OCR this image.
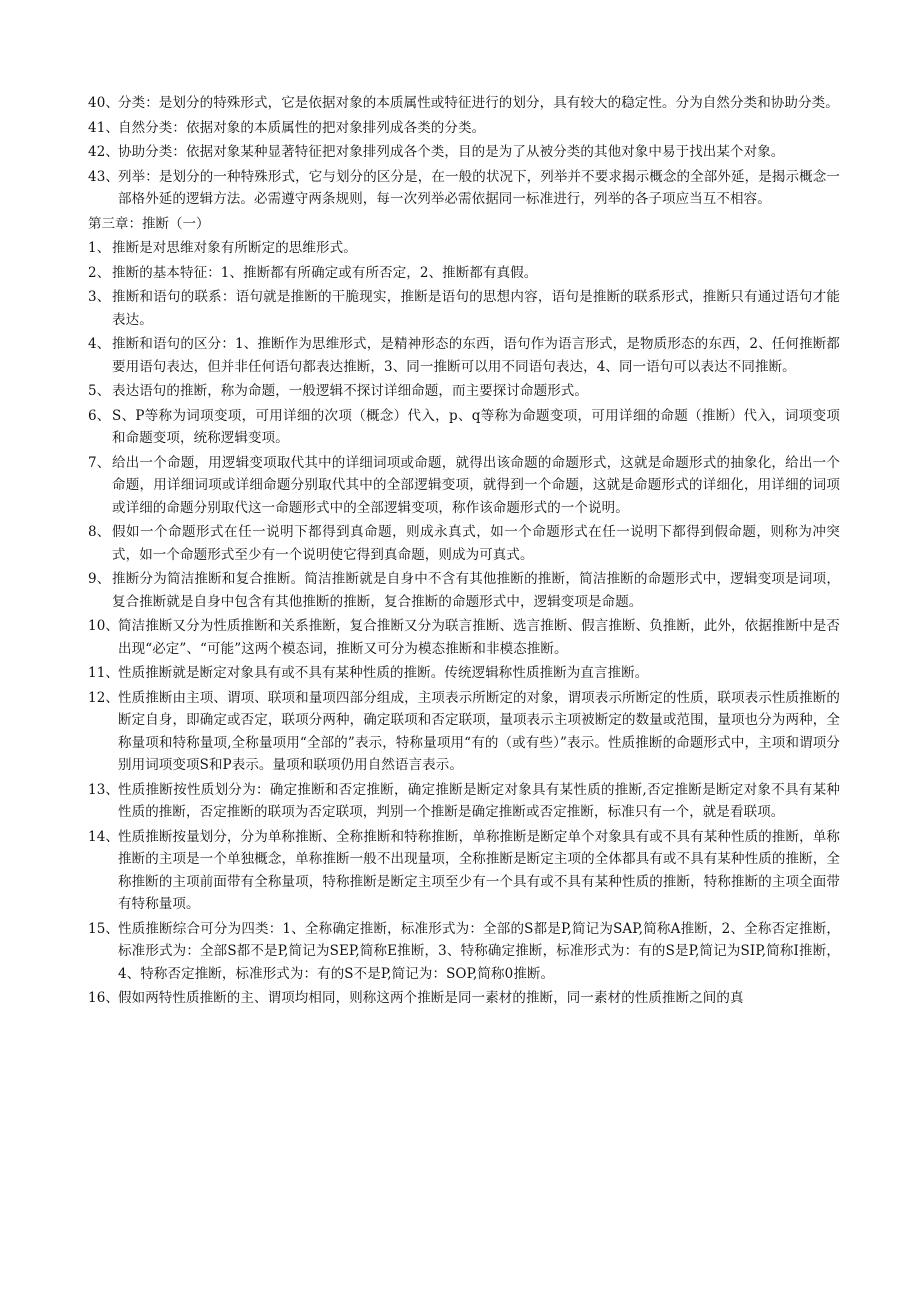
40、 分类：是划分的特殊形式，它是依据对象的本质属性或特征进行的划分，具有较大的稳定性。分为自然分类和协助分类。
41、 自然分类：依据对象的本质属性的把对象排列成各类的分类。
42、 协助分类：依据对象某种显著特征把对象排列成各个类，目的是为了从被分类的其他对象中易于找出某个对象。
43、 列举：是划分的一种特殊形式，它与划分的区分是，在一般的状况下，列举并不要求揭示概念的全部外延，是揭示概念一部格外延的逻辑方法。必需遵守两条规则，每一次列举必需依据同一标准进行，列举的各子项应当互不相容。
第三章：推断（一）
1、 推断是对思维对象有所断定的思维形式。
2、 推断的基本特征：1、推断都有所确定或有所否定，2、推断都有真假。
3、 推断和语句的联系：语句就是推断的干脆现实，推断是语句的思想内容，语句是推断的联系形式，推断只有通过语句才能表达。
4、 推断和语句的区分：1、推断作为思维形式，是精神形态的东西，语句作为语言形式，是物质形态的东西，2、任何推断都要用语句表达，但并非任何语句都表达推断，3、同一推断可以用不同语句表达，4、同一语句可以表达不同推断。
5、 表达语句的推断，称为命题，一般逻辑不探讨详细命题，而主要探讨命题形式。
6、 S、P等称为词项变项，可用详细的次项（概念）代入，p、q等称为命题变项，可用详细的命题（推断）代入，词项变项和命题变项，统称逻辑变项。
7、 给出一个命题，用逻辑变项取代其中的详细词项或命题，就得出该命题的命题形式，这就是命题形式的抽象化，给出一个命题，用详细词项或详细命题分别取代其中的全部逻辑变项，就得到一个命题，这就是命题形式的详细化，用详细的词项或详细的命题分别取代这一命题形式中的全部逻辑变项，称作该命题形式的一个说明。
8、 假如一个命题形式在任一说明下都得到真命题，则成永真式，如一个命题形式在任一说明下都得到假命题，则称为冲突式，如一个命题形式至少有一个说明使它得到真命题，则成为可真式。
9、 推断分为简洁推断和复合推断。简洁推断就是自身中不含有其他推断的推断，简洁推断的命题形式中，逻辑变项是词项，复合推断就是自身中包含有其他推断的推断，复合推断的命题形式中，逻辑变项是命题。
10、 简洁推断又分为性质推断和关系推断，复合推断又分为联言推断、选言推断、假言推断、负推断，此外，依据推断中是否出现“必定”、“可能”这两个模态词，推断又可分为模态推断和非模态推断。
11、 性质推断就是断定对象具有或不具有某种性质的推断。传统逻辑称性质推断为直言推断。
12、 性质推断由主项、谓项、联项和量项四部分组成，主项表示所断定的对象，谓项表示所断定的性质，联项表示性质推断的断定自身，即确定或否定，联项分两种，确定联项和否定联项，量项表示主项被断定的数量或范围，量项也分为两种，全称量项和特称量项,全称量项用“全部的”表示，特称量项用“有的（或有些）”表示。性质推断的命题形式中，主项和谓项分别用词项变项S和P表示。量项和联项仍用自然语言表示。
13、 性质推断按性质划分为：确定推断和否定推断，确定推断是断定对象具有某性质的推断,否定推断是断定对象不具有某种性质的推断，否定推断的联项为否定联项，判别一个推断是确定推断或否定推断，标准只有一个，就是看联项。
14、 性质推断按量划分，分为单称推断、全称推断和特称推断，单称推断是断定单个对象具有或不具有某种性质的推断，单称推断的主项是一个单独概念，单称推断一般不出现量项，全称推断是断定主项的全体都具有或不具有某种性质的推断，全称推断的主项前面带有全称量项，特称推断是断定主项至少有一个具有或不具有某种性质的推断，特称推断的主项全面带有特称量项。
15、 性质推断综合可分为四类：1、全称确定推断，标准形式为：全部的S都是P,简记为SAP,简称A推断，2、全称否定推断，标准形式为：全部S都不是P,简记为SEP,简称E推断，3、特称确定推断，标准形式为：有的S是P,简记为SIP,简称I推断，4、特称否定推断，标准形式为：有的S不是P,简记为：SOP,简称0推断。
16、 假如两特性质推断的主、谓项均相同，则称这两个推断是同一素材的推断，同一素材的性质推断之间的真
